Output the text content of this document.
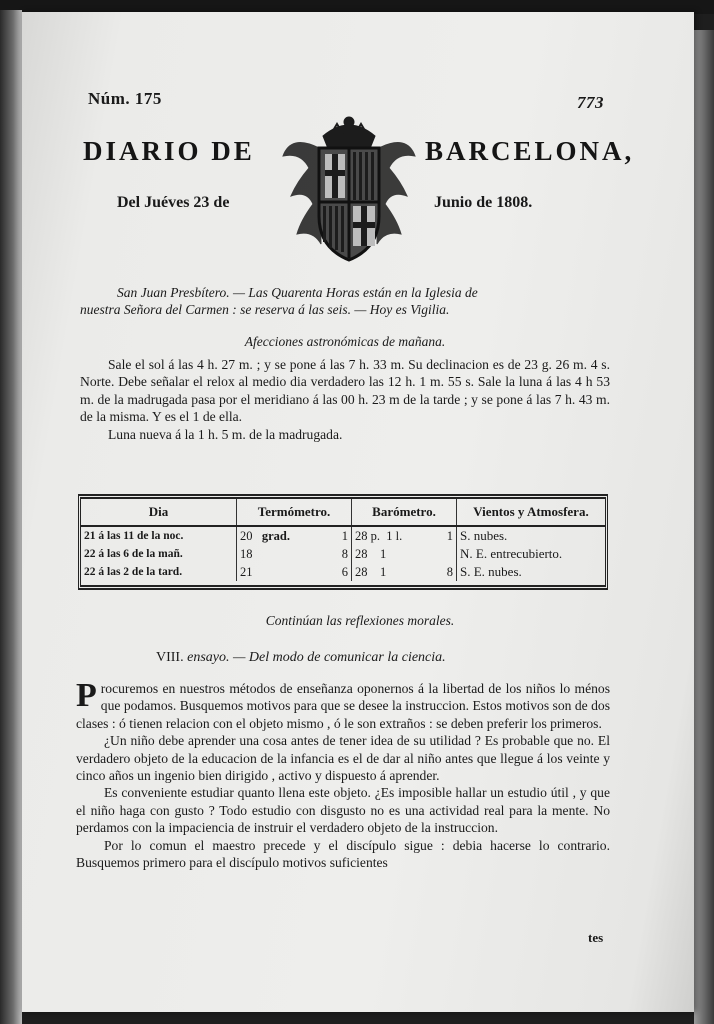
Núm. 175	773
DIARIO DE	BARCELONA,
Del Juéves 23 de	Junio de 1808.
San Juan Presbítero. — Las Quarenta Horas están en la Iglesia de
nuestra Señora del Carmen : se reserva á las seis. — Hoy es Vigilia.
Afecciones astronómicas de mañana.

Sale el sol á las 4 h. 27 m. ; y se pone á las 7 h. 33 m. Su declinacion es de 23 g. 26 m. 4 s. Norte. Debe señalar el relox al medio dia verdadero las 12 h. 1 m. 55 s. Sale la luna á las 4 h 53 m. de la madrugada pasa por el meridiano á las 00 h. 23 m de la tarde ; y se pone á las 7 h. 43 m. de la misma. Y es el 1 de ella.

Luna nueva á la 1 h. 5 m. de la madrugada.

Dia	Termómetro.	Barómetro.	Vientos y Atmosfera.
21 á las 11 de la noc.	20 grad. 1	28 p. 1 l. 1	S. nubes.
22 á las 6 de la mañ.	18 8	28 1	N. E. entrecubierto.
22 á las 2 de la tard.	21 6	28 1 8	S. E. nubes.
Continúan las reflexiones morales.
VIII. ensayo. — Del modo de comunicar la ciencia.

Procuremos en nuestros métodos de enseñanza oponernos á la libertad de los niños lo ménos que podamos. Busquemos motivos para que se desee la instruccion. Estos motivos son de dos clases : ó tienen relacion con el objeto mismo , ó le son extraños : se deben preferir los primeros.

¿Un niño debe aprender una cosa antes de tener idea de su utilidad ? Es probable que no. El verdadero objeto de la educacion de la infancia es el de dar al niño antes que llegue á los veinte y cinco años un ingenio bien dirigido , activo y dispuesto á aprender.

Es conveniente estudiar quanto llena este objeto. ¿Es imposible hallar un estudio útil , y que el niño haga con gusto ? Todo estudio con disgusto no es una actividad real para la mente. No perdamos con la impaciencia de instruir el verdadero objeto de la instruccion.

Por lo comun el maestro precede y el discípulo sigue : debia hacerse lo contrario. Busquemos primero para el discípulo motivos suficientes

tes
